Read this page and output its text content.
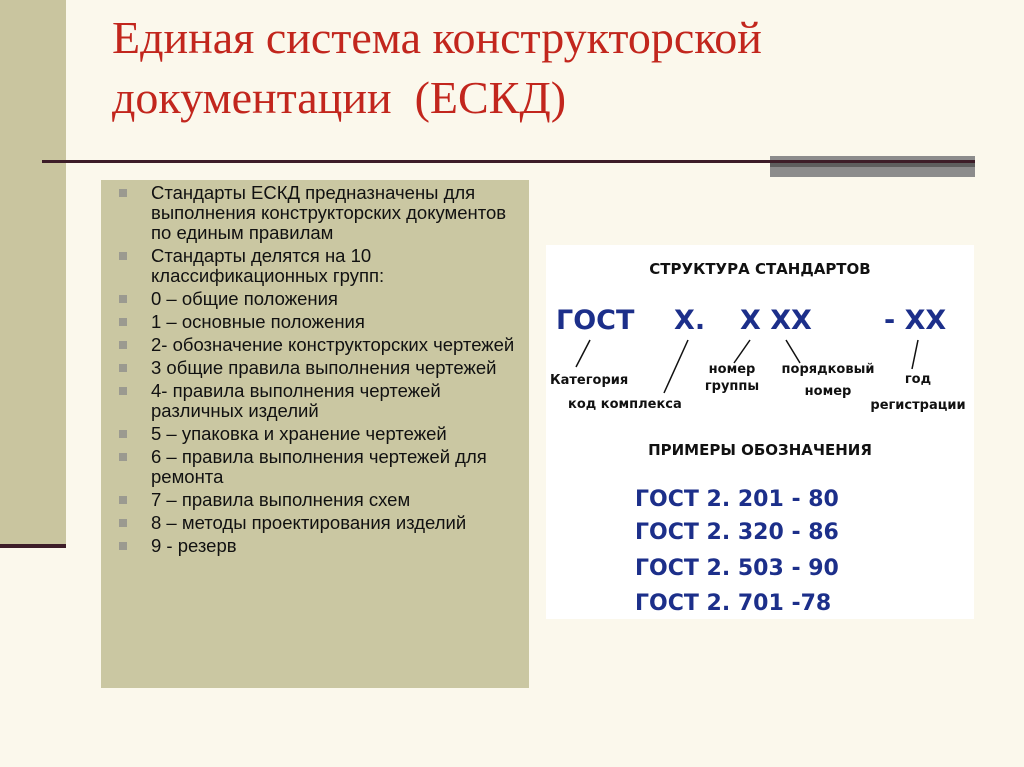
Единая система конструкторской
документации  (ЕСКД)
Стандарты ЕСКД предназначены для выполнения конструкторских документов по единым правилам
Стандарты делятся на 10 классификационных групп:
0 – общие положения
1 – основные положения
2- обозначение конструкторских чертежей
3 общие правила выполнения чертежей
4- правила выполнения чертежей различных изделий
5 – упаковка и хранение чертежей
6 – правила выполнения чертежей для ремонта
7 – правила выполнения схем
8 – методы проектирования изделий
9 - резерв
СТРУКТУРА СТАНДАРТОВ
ГОСТ Х. Х ХХ	- ХХ
Категория
код комплекса
номер
группы
порядковый
номер
год
регистрации
ПРИМЕРЫ ОБОЗНАЧЕНИЯ
ГОСТ 2. 201 - 80
ГОСТ 2. 320 - 86
ГОСТ 2. 503 - 90
ГОСТ 2. 701 -78
